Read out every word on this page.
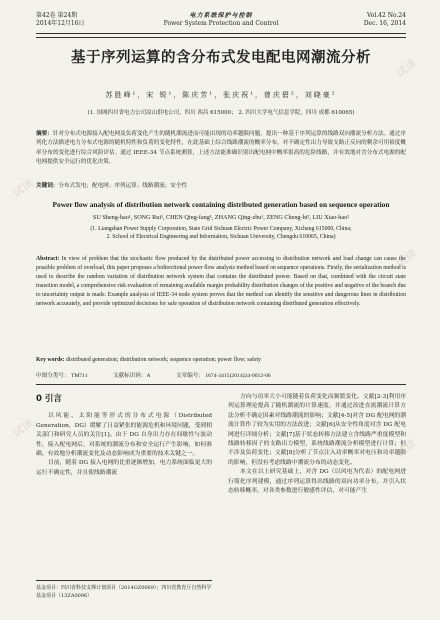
第42卷 第24期
2014年12月16日
电力系统保护与控制
Power System Protection and Control
Vol.42 No.24
Dec. 16, 2014
基于序列运算的含分布式发电配电网潮流分析
苏胜峰¹，宋 锐¹，陈庆芳¹，张庆祝¹，曾庆碧²，刘晓豪²
(1. 国网四川省电力公司凉山供电公司，四川 西昌 615000； 2. 四川大学电气信息学院，四川 成都 610065)
摘要：针对分布式电源接入配电网及负荷变化产生的随机潮流进而可能出现的功率越限问题，提出一种基于序列运算的线路双向潮流分析方法。通过序列化方法描述电力分布式电源的随机特性和负荷的变化特性，在此基础上综合线路潮流的概率分布，对不确定性出力导致支路正反向的剩余可用裕度概率分布的变化进行综合风险评估。通过 IEEE-34 节点系统测算，上述方法能准确识别出配电网中概率很高的危险线路，并有效地对含分布式电源的配电网提供安全运行的优化决策。
关键词：分布式发电；配电网；序列运算；线路潮流；安全性
Power flow analysis of distribution network containing distributed generation based on sequence operation
SU Sheng-hao¹, SONG Rui¹, CHEN Qing-fang¹, ZHANG Qing-zhu¹, ZENG Cheng-bi², LIU Xiao-hao²
(1. Liangshan Power Supply Corporation, State Grid Sichuan Electric Power Company, Xichang 615000, China;
2. School of Electrical Engineering and Information, Sichuan University, Chengdu 610065, China)
Abstract: In view of problem that the stochastic flow produced by the distributed power accessing to distribution network and load change can cause the possible problem of overload, this paper proposes a bidirectional power flow analysis method based on sequence operations. Firstly, the serialization method is used to describe the random variation of distribution network system that contains the distributed power. Based on that, combined with the circuit state transition model, a comprehensive risk evaluation of remaining available margin probability distribution changes of the positive and negative of the branch due to uncertainty output is made. Example analysis of IEEE-34 node system proves that the method can identify the sensitive and dangerous lines in distribution network accurately, and provide optimized decisions for safe operation of distribution network containing distributed generation effectively.
Key words: distributed generation; distribution network; sequence operation; power flow; safety
中图分类号： TM711	文献标识码：A	文章编号： 1674-3415(2014)24-0012-06
0 引言

以风能、太阳能等形式的分布式电源（Distributed Generation，DG）缓解了日益紧张的能源危机和环境问题，受到相关部门和研究人员的关注[1]。由于 DG 自身出力存在间歇性与波动性，接入配电网后，对系统的潮流分布和安全运行产生影响，如何准确、有效地分析潮流变化及动态影响成为重要的技术关键之一。

目前，随着 DG 接入电网的比重逐渐增加，电力系统面临更大的运行不确定性，并且使线路潮流

方向与功率大小可能随着负荷变化而频繁变化。文献[2-3]利用序列运算理论提高了随机潮流的计算速度，并通过改进直流潮流计算方法分析不确定因素对线路潮流的影响；文献[4-5]对含 DG 配电网的潮流计算作了较为实用的方法改进；文献[6]从安全性角度对含 DG 配电网进行详细分析；文献[7]基于状态转移方法建立含线路严重度模型和线路转移因子的支路出力模型，系统线路潮流分析模型进行计算；但不涉及负荷变化；文献[8]分析了节点注入功率概率对电压和功率越限的影响，但没有考虑线路中潮流分布的动态变化。

本文在以上研究基础上，对含 DG（以风电为代表）的配电网进行简化序列建模，通过序列运算得出线路的双向功率分布，并引入状态转移概率，对各类参数进行敏感性评估，对可能产生

基金项目：四川省科技支撑计划项目（2014GZ0069）；四川省教育厅自然科学基金项目（13ZA0096）
试读
试读
试读
试读
试读
